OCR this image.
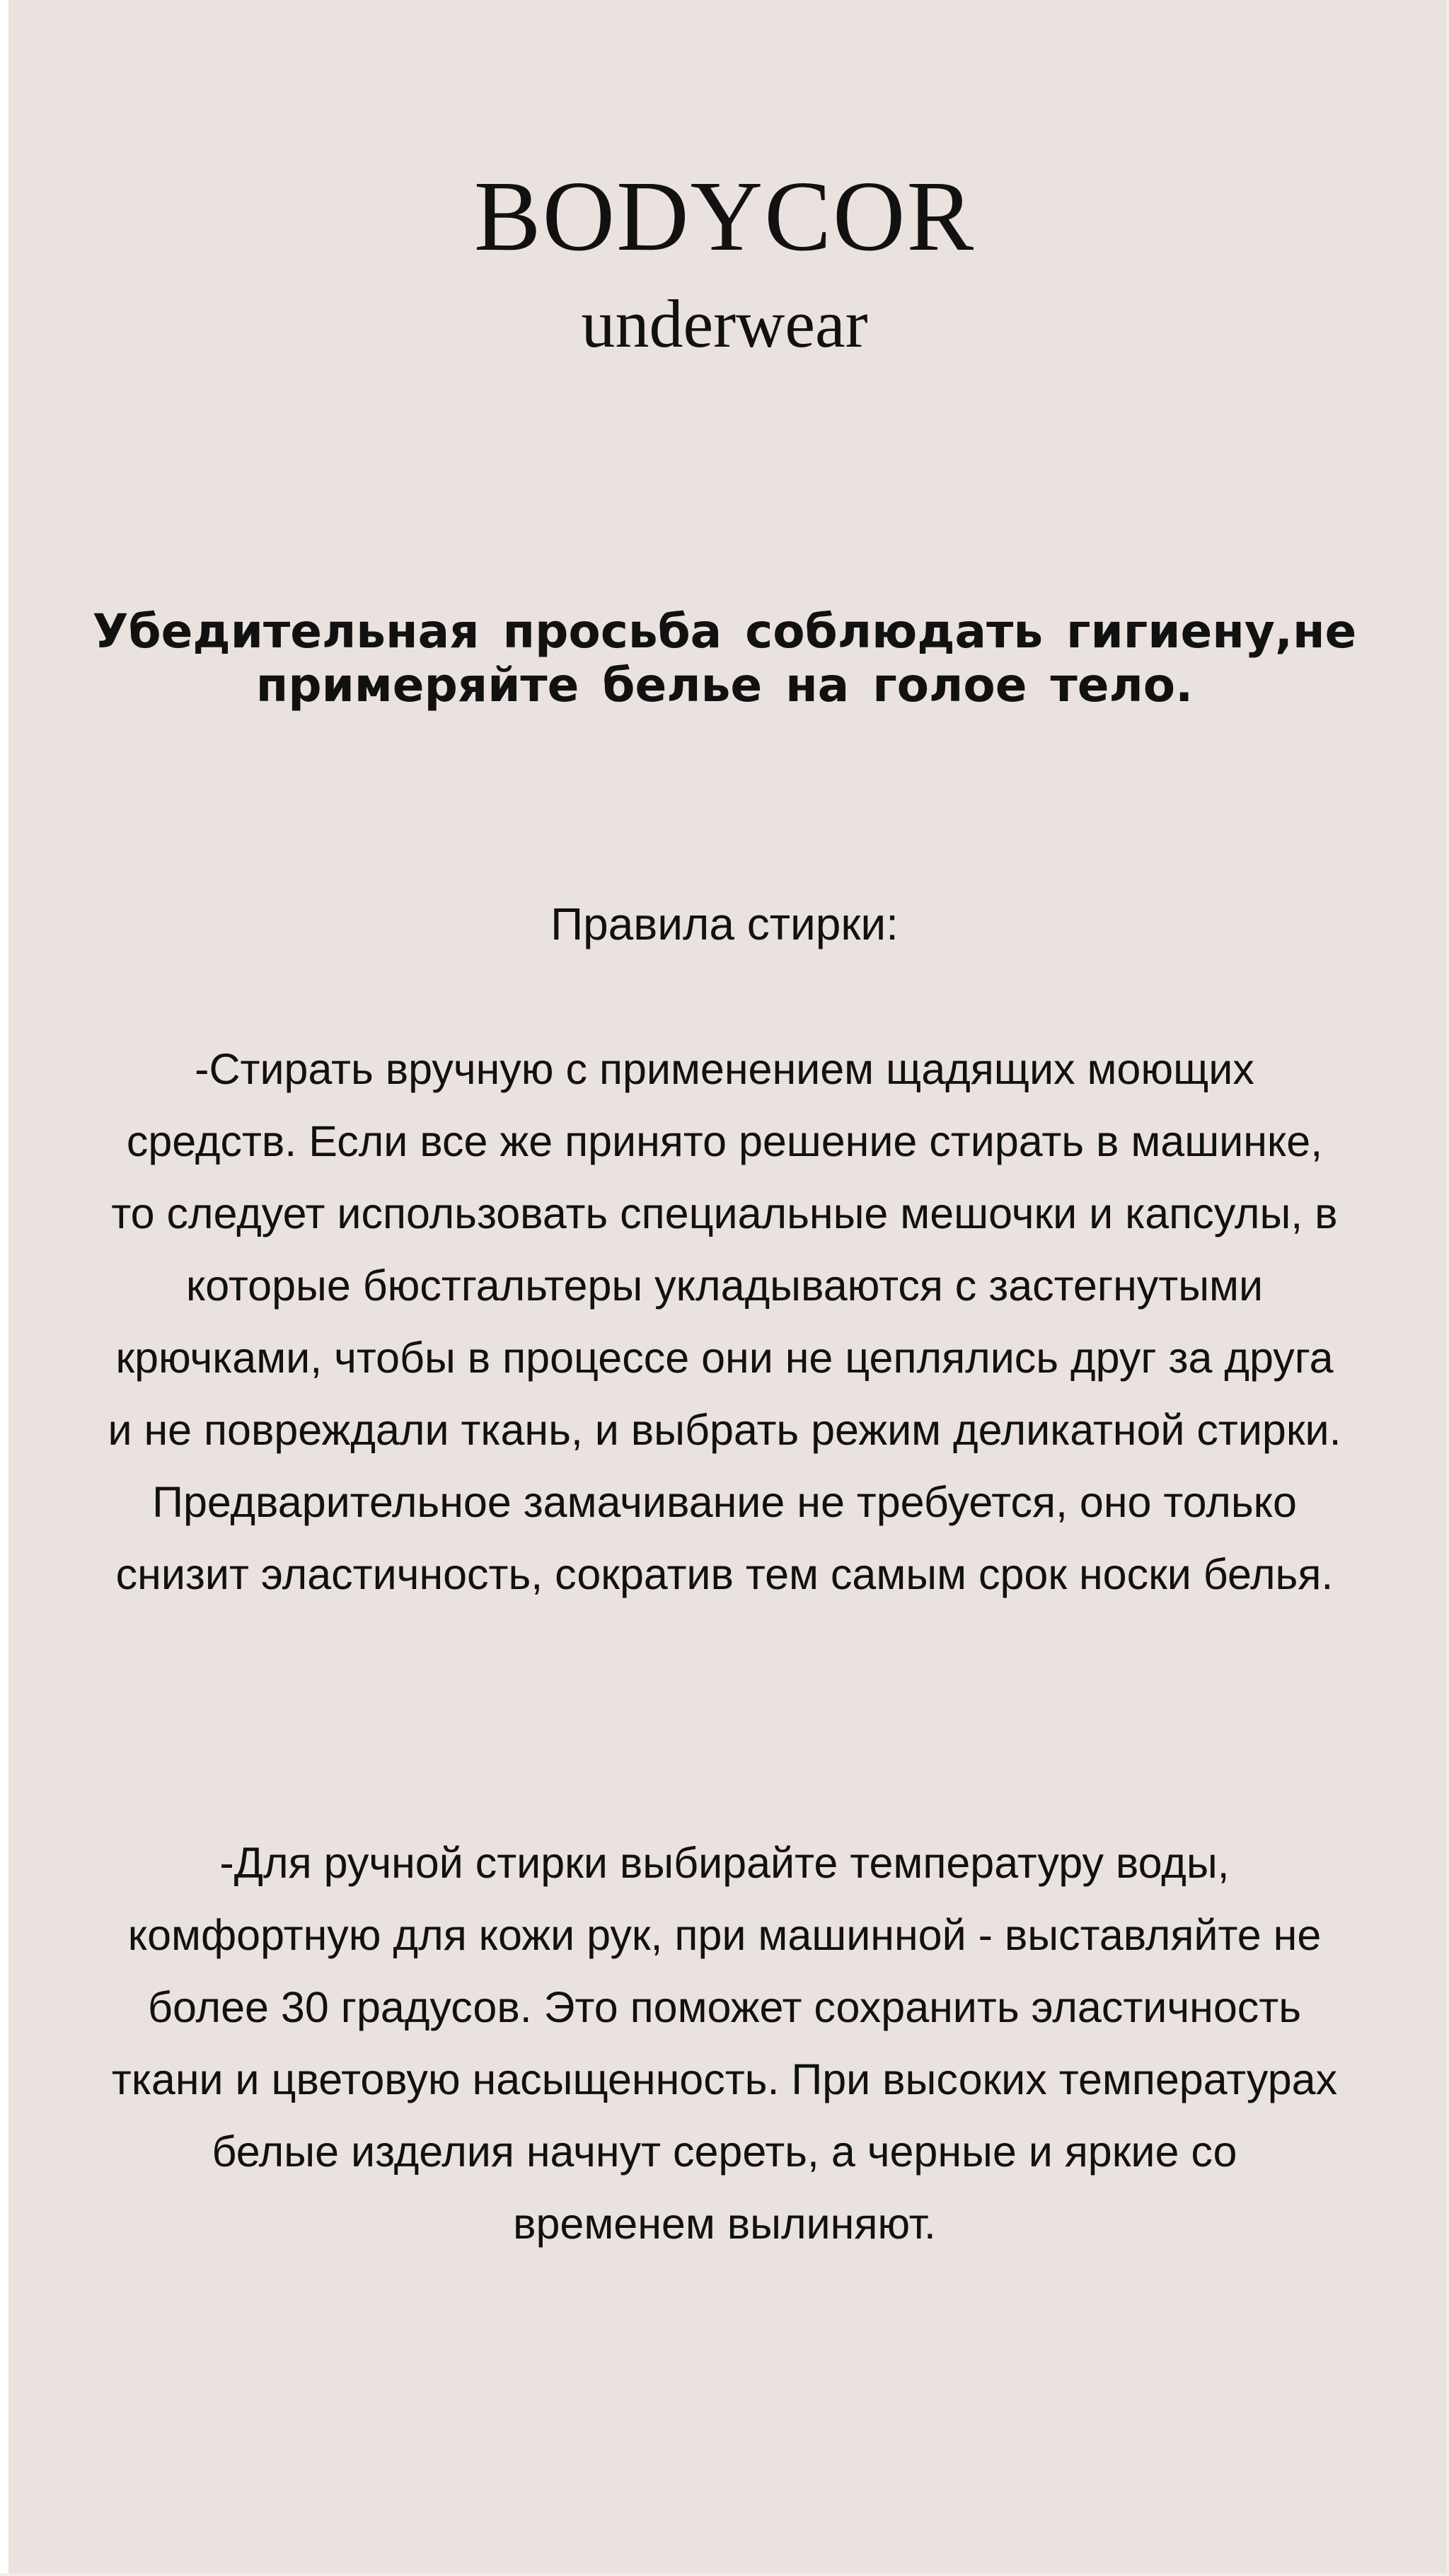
BODYCOR
underwear
Убедительная просьба соблюдать гигиену,не примеряйте белье на голое тело.
Правила стирки:

-Стирать вручную с применением щадящих моющих средств. Если все же принято решение стирать в машинке, то следует использовать специальные мешочки и капсулы, в которые бюстгальтеры укладываются с застегнутыми крючками, чтобы в процессе они не цеплялись друг за друга и не повреждали ткань, и выбрать режим деликатной стирки. Предварительное замачивание не требуется, оно только снизит эластичность, сократив тем самым срок носки белья.

-Для ручной стирки выбирайте температуру воды, комфортную для кожи рук, при машинной - выставляйте не более 30 градусов. Это поможет сохранить эластичность ткани и цветовую насыщенность. При высоких температурах белые изделия начнут сереть, а черные и яркие со временем вылиняют.
